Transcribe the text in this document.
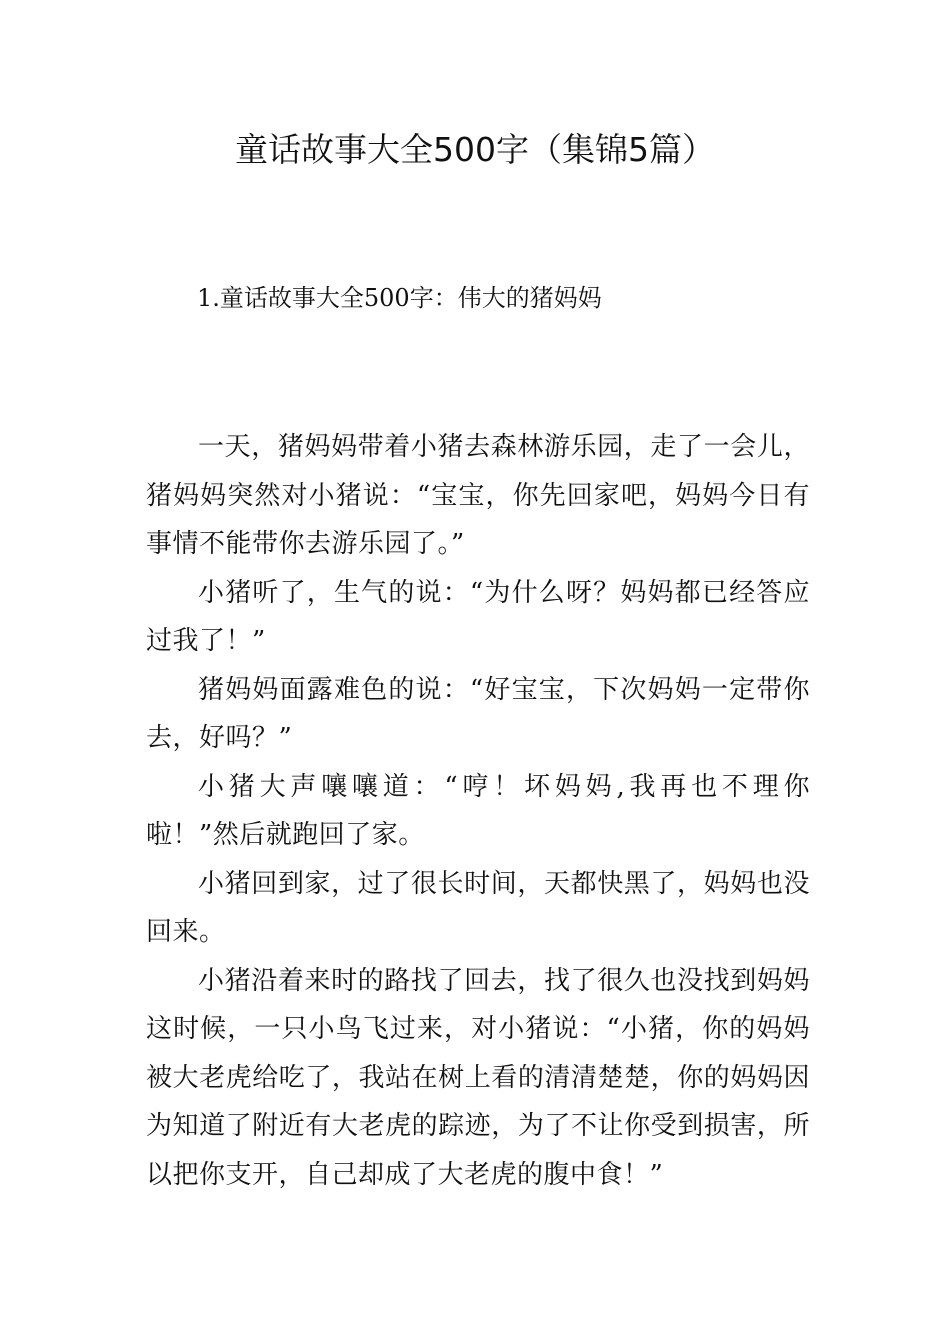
童话故事大全500字（集锦5篇）

1.童话故事大全500字：伟大的猪妈妈

一天，猪妈妈带着小猪去森林游乐园，走了一会儿，猪妈妈突然对小猪说：“宝宝，你先回家吧，妈妈今日有事情不能带你去游乐园了。”

小猪听了，生气的说：“为什么呀？妈妈都已经答应过我了！”

猪妈妈面露难色的说：“好宝宝，下次妈妈一定带你去，好吗？”

小猪大声嚷嚷道：“哼！坏妈妈,我再也不理你啦！”然后就跑回了家。

小猪回到家，过了很长时间，天都快黑了，妈妈也没回来。

小猪沿着来时的路找了回去，找了很久也没找到妈妈这时候，一只小鸟飞过来，对小猪说：“小猪，你的妈妈被大老虎给吃了，我站在树上看的清清楚楚，你的妈妈因为知道了附近有大老虎的踪迹，为了不让你受到损害，所以把你支开，自己却成了大老虎的腹中食！”
